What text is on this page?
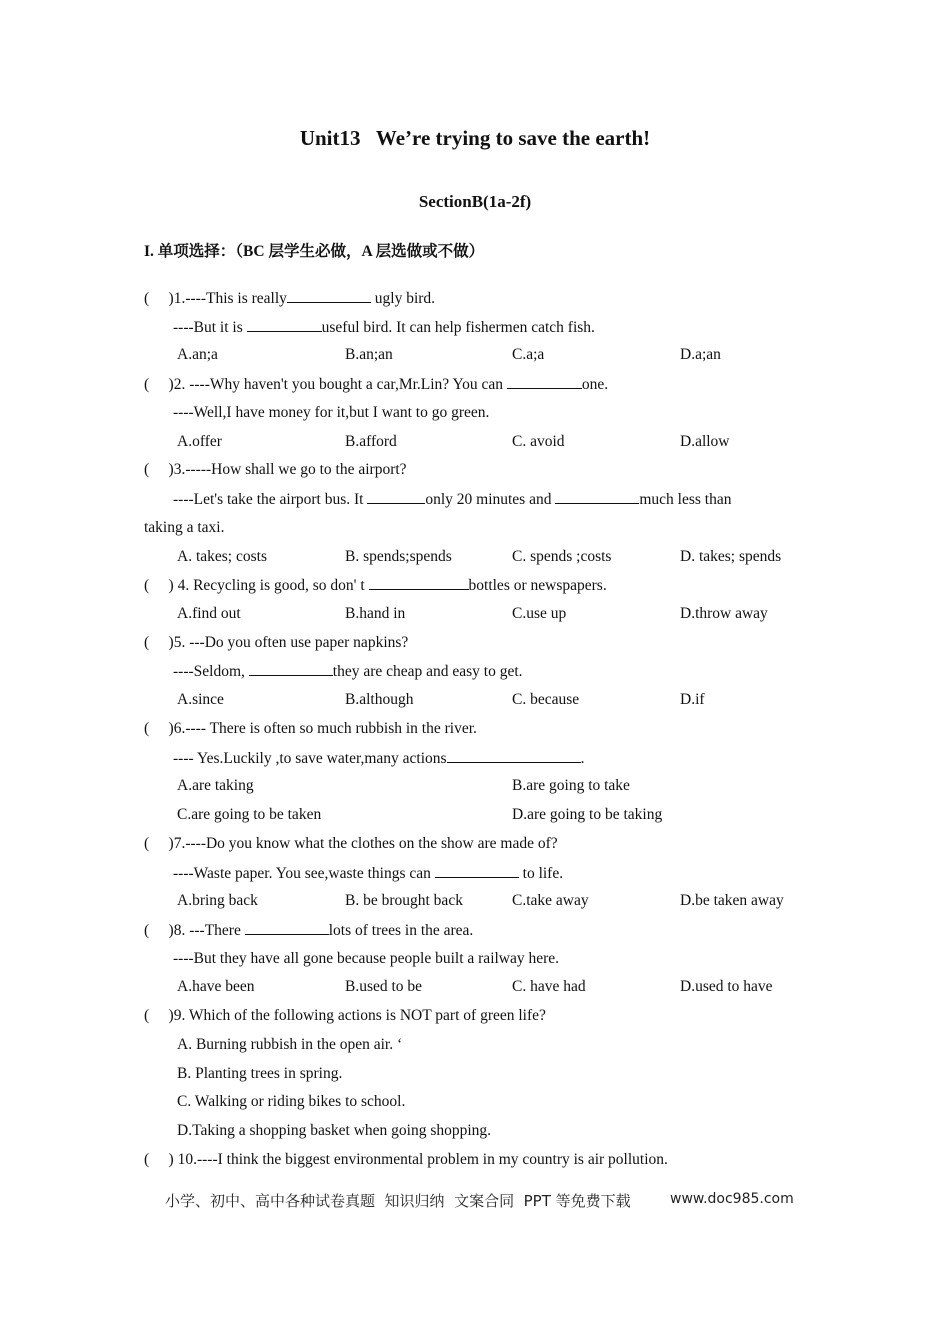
Unit13   We’re trying to save the earth!
SectionB(1a-2f)
I. 单项选择：（BC 层学生必做，A 层选做或不做）
(     )1.----This is really	ugly bird.
----But it is	useful bird. It can help fishermen catch fish.
A.an;a	B.an;an	C.a;a	D.a;an
(     )2. ----Why haven't you bought a car,Mr.Lin? You can	one.
----Well,I have money for it,but I want to go green.
A.offer	B.afford	C. avoid	D.allow
(     )3.-----How shall we go to the airport?
----Let's take the airport bus. It	only 20 minutes and	much less than
taking a taxi.
A. takes; costs	B. spends;spends	C. spends ;costs	D. takes; spends
(     ) 4. Recycling is good, so don' t	bottles or newspapers.
A.find out	B.hand in	C.use up	D.throw away
(     )5. ---Do you often use paper napkins?
----Seldom,	they are cheap and easy to get.
A.since	B.although	C. because	D.if
(     )6.---- There is often so much rubbish in the river.
---- Yes.Luckily ,to save water,many actions	.
A.are taking	B.are going to take
C.are going to be taken	D.are going to be taking
(     )7.----Do you know what the clothes on the show are made of?
----Waste paper. You see,waste things can	to life.
A.bring back	B. be brought back	C.take away	D.be taken away
(     )8. ---There	lots of trees in the area.
----But they have all gone because people built a railway here.
A.have been	B.used to be	C. have had	D.used to have
(     )9. Which of the following actions is NOT part of green life?
A. Burning rubbish in the open air. ‘
B. Planting trees in spring.
C. Walking or riding bikes to school.
D.Taking a shopping basket when going shopping.
(     ) 10.----I think the biggest environmental problem in my country is air pollution.
小学、初中、高中各种试卷真题  知识归纳  文案合同  PPT 等免费下载	www.doc985.com
